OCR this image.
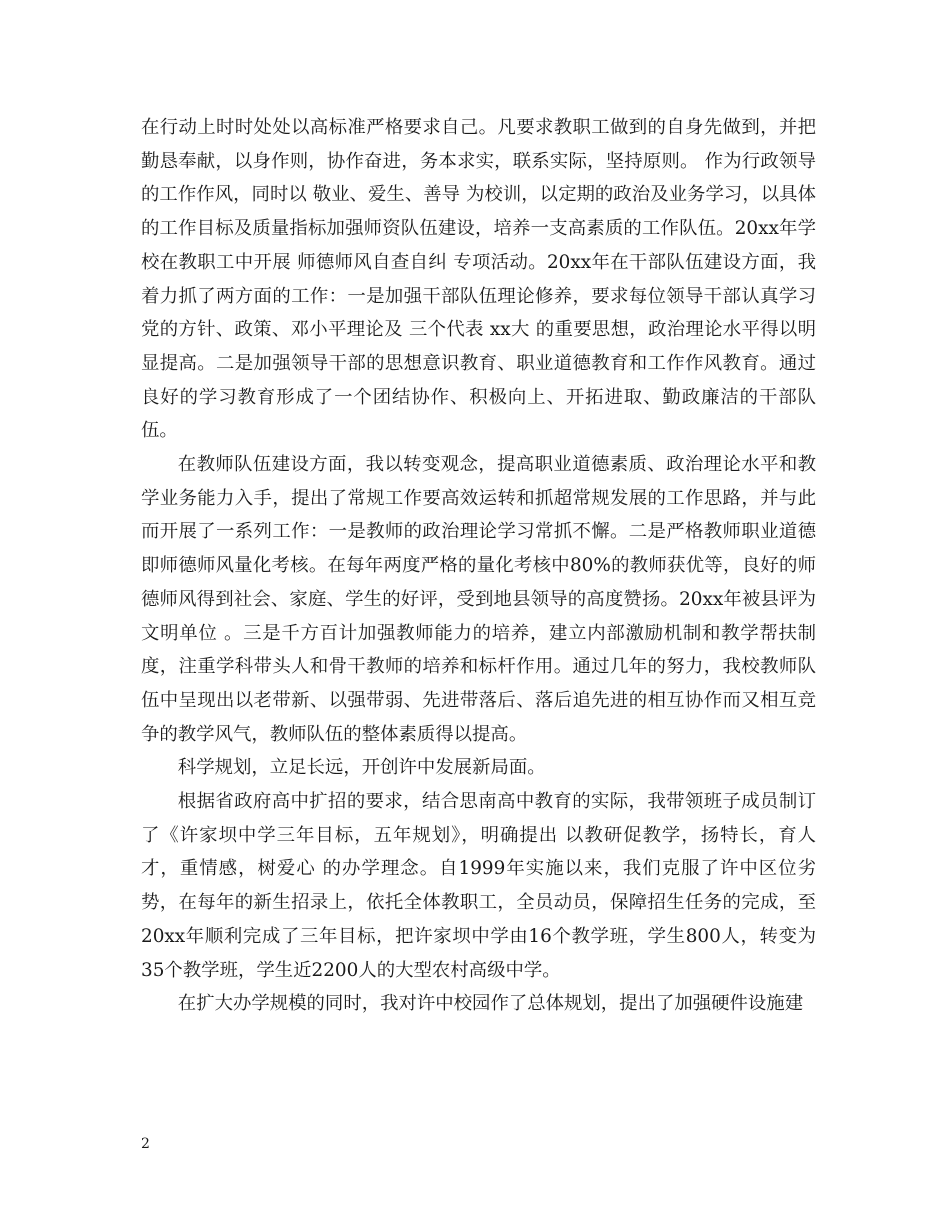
在行动上时时处处以高标准严格要求自己。凡要求教职工做到的自身先做到，并把勤恳奉献，以身作则，协作奋进，务本求实，联系实际，坚持原则。 作为行政领导的工作作风，同时以 敬业、爱生、善导 为校训，以定期的政治及业务学习，以具体的工作目标及质量指标加强师资队伍建设，培养一支高素质的工作队伍。20xx年学校在教职工中开展 师德师风自查自纠 专项活动。20xx年在干部队伍建设方面，我着力抓了两方面的工作：一是加强干部队伍理论修养，要求每位领导干部认真学习党的方针、政策、邓小平理论及 三个代表 xx大 的重要思想，政治理论水平得以明显提高。二是加强领导干部的思想意识教育、职业道德教育和工作作风教育。通过良好的学习教育形成了一个团结协作、积极向上、开拓进取、勤政廉洁的干部队伍。

在教师队伍建设方面，我以转变观念，提高职业道德素质、政治理论水平和教学业务能力入手，提出了常规工作要高效运转和抓超常规发展的工作思路，并与此而开展了一系列工作：一是教师的政治理论学习常抓不懈。二是严格教师职业道德即师德师风量化考核。在每年两度严格的量化考核中80%的教师获优等，良好的师德师风得到社会、家庭、学生的好评，受到地县领导的高度赞扬。20xx年被县评为 文明单位 。三是千方百计加强教师能力的培养，建立内部激励机制和教学帮扶制度，注重学科带头人和骨干教师的培养和标杆作用。通过几年的努力，我校教师队伍中呈现出以老带新、以强带弱、先进带落后、落后追先进的相互协作而又相互竞争的教学风气，教师队伍的整体素质得以提高。

科学规划，立足长远，开创许中发展新局面。

根据省政府高中扩招的要求，结合思南高中教育的实际，我带领班子成员制订了《许家坝中学三年目标，五年规划》，明确提出 以教研促教学，扬特长，育人才，重情感，树爱心 的办学理念。自1999年实施以来，我们克服了许中区位劣势，在每年的新生招录上，依托全体教职工，全员动员，保障招生任务的完成，至20xx年顺利完成了三年目标，把许家坝中学由16个教学班，学生800人，转变为35个教学班，学生近2200人的大型农村高级中学。

在扩大办学规模的同时，我对许中校园作了总体规划，提出了加强硬件设施建

2
